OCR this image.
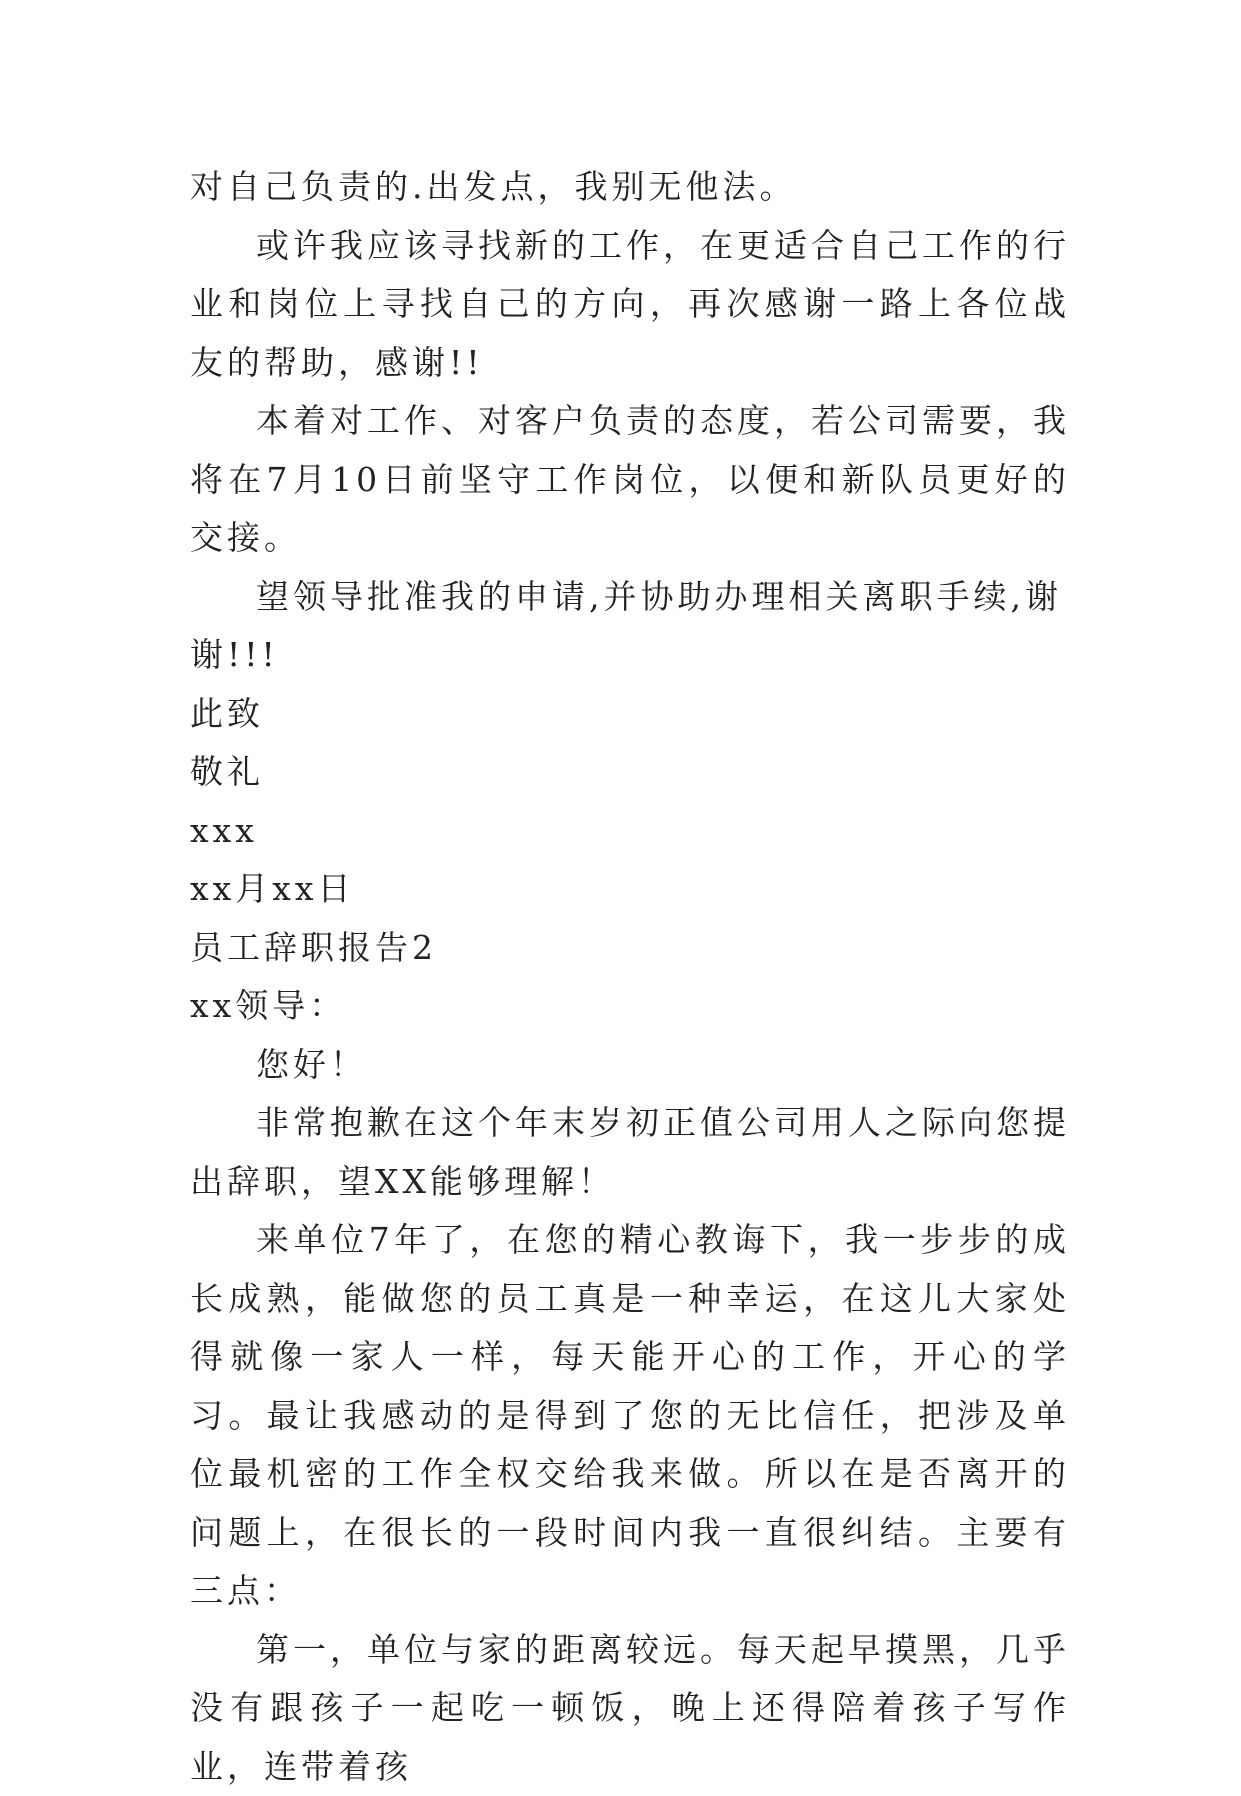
对自己负责的.出发点，我别无他法。

或许我应该寻找新的工作，在更适合自己工作的行业和岗位上寻找自己的方向，再次感谢一路上各位战友的帮助，感谢!!

本着对工作、对客户负责的态度，若公司需要，我将在7月10日前坚守工作岗位，以便和新队员更好的交接。

望领导批准我的申请,并协助办理相关离职手续,谢谢!!!

此致

敬礼

xxx

xx月xx日

员工辞职报告2

xx领导：

您好！

非常抱歉在这个年末岁初正值公司用人之际向您提出辞职，望XX能够理解！

来单位7年了，在您的精心教诲下，我一步步的成长成熟，能做您的员工真是一种幸运，在这儿大家处得就像一家人一样，每天能开心的工作，开心的学习。最让我感动的是得到了您的无比信任，把涉及单位最机密的工作全权交给我来做。所以在是否离开的问题上，在很长的一段时间内我一直很纠结。主要有三点：

第一，单位与家的距离较远。每天起早摸黑，几乎没有跟孩子一起吃一顿饭，晚上还得陪着孩子写作业，连带着孩
